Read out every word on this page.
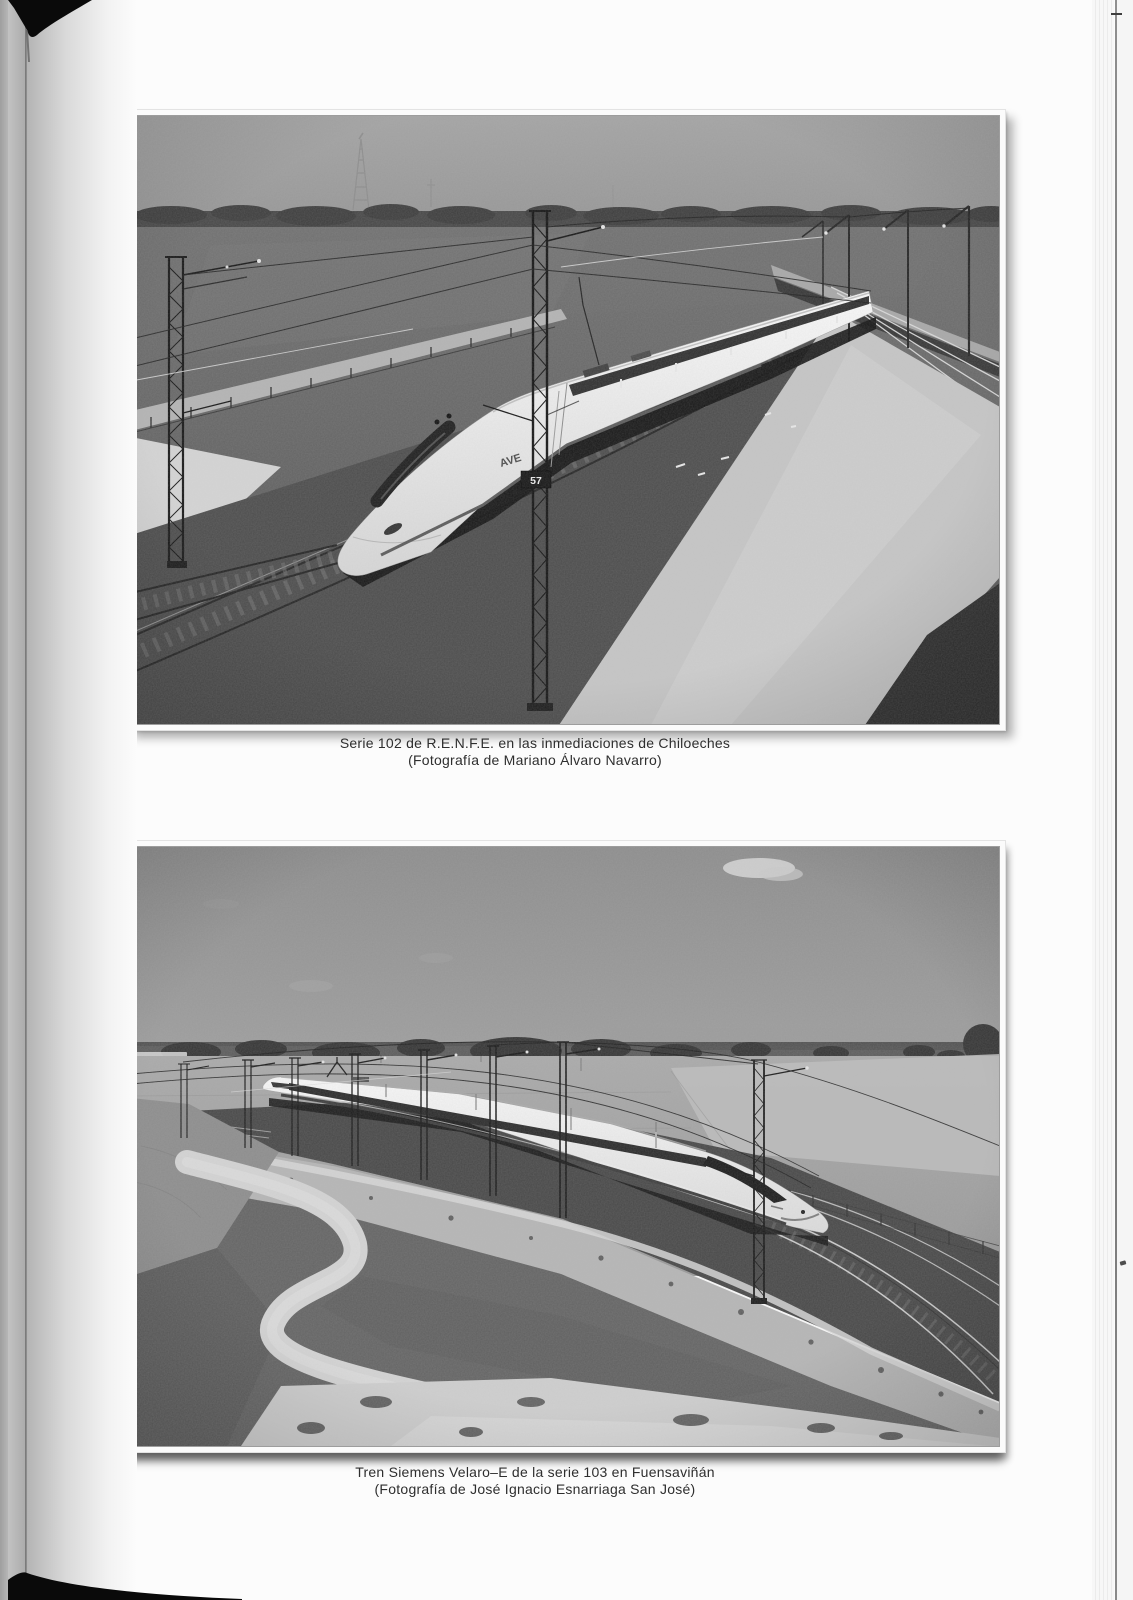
Serie 102 de R.E.N.F.E. en las inmediaciones de Chiloeches
(Fotografía de Mariano Álvaro Navarro)
Tren Siemens Velaro–E de la serie 103 en Fuensaviñán
(Fotografía de José Ignacio Esnarriaga San José)
